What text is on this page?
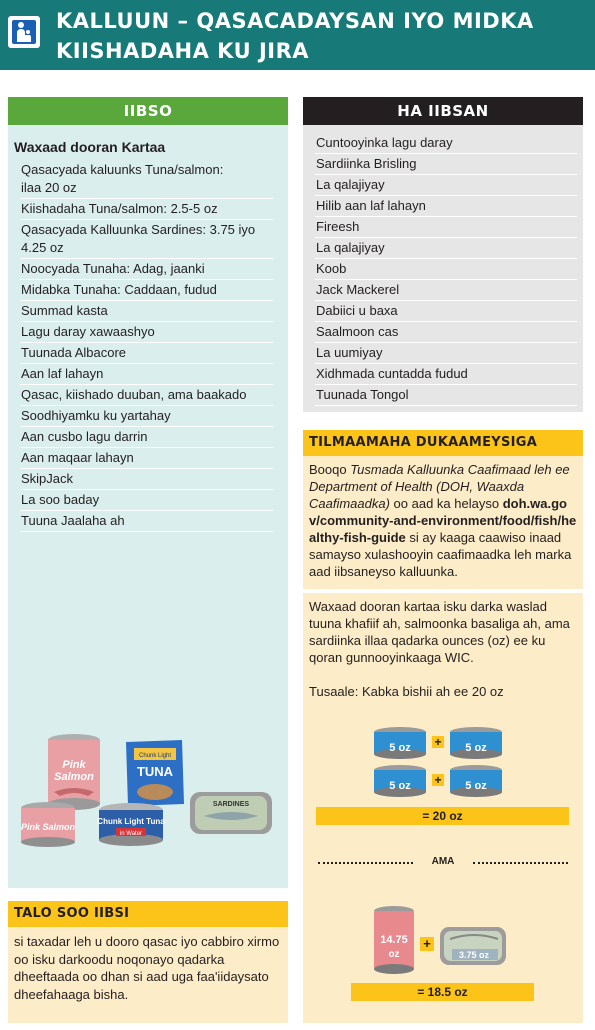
KALLUUN – QASACADAYSAN IYO MIDKA
KIISHADAHA KU JIRA
IIBSO
Waxaad dooran Kartaa
Qasacyada kaluunks Tuna/salmon:
ilaa 20 oz
Kiishadaha Tuna/salmon: 2.5-5 oz
Qasacyada Kalluunka Sardines: 3.75 iyo
4.25 oz
Noocyada Tunaha: Adag, jaanki
Midabka Tunaha: Caddaan, fudud
Summad kasta
Lagu daray xawaashyo
Tuunada Albacore
Aan laf lahayn
Qasac, kiishado duuban, ama baakado
Soodhiyamku ku yartahay
Aan cusbo lagu darrin
Aan maqaar lahayn
SkipJack
La soo baday
Tuuna Jaalaha ah
Pink
Salmon
Chunk Light
TUNA
Pink Salmon
Chunk Light Tuna
in Water
SARDINES
HA IIBSAN
Cuntooyinka lagu daray
Sardiinka Brisling
La qalajiyay
Hilib aan laf lahayn
Fireesh
La qalajiyay
Koob
Jack Mackerel
Dabiici u baxa
Saalmoon cas
La uumiyay
Xidhmada cuntadda fudud
Tuunada Tongol
TILMAAMAHA DUKAAMEYSIGA
Booqo Tusmada Kalluunka Caafimaad leh ee Department of Health (DOH, Waaxda Caafimaadka) oo aad ka helayso doh.wa.gov/community-and-environment/food/fish/healthy-fish-guide si ay kaaga caawiso inaad samayso xulashooyin caafimaadka leh marka aad iibsaneyso kalluunka.
Waxaad dooran kartaa isku darka waslad tuuna khafiif ah, salmoonka basaliga ah, ama sardiinka illaa qadarka ounces (oz) ee ku qoran gunnooyinkaaga WIC.
Tusaale: Kabka bishii ah ee 20 oz
5 oz + 5 oz
5 oz + 5 oz
= 20 oz
AMA
14.75
oz
+
3.75 oz
= 18.5 oz
TALO SOO IIBSI
si taxadar leh u dooro qasac iyo cabbiro xirmo oo isku darkoodu noqonayo qadarka dheeftaada oo dhan si aad uga faa'iidaysato dheefahaaga bisha.
